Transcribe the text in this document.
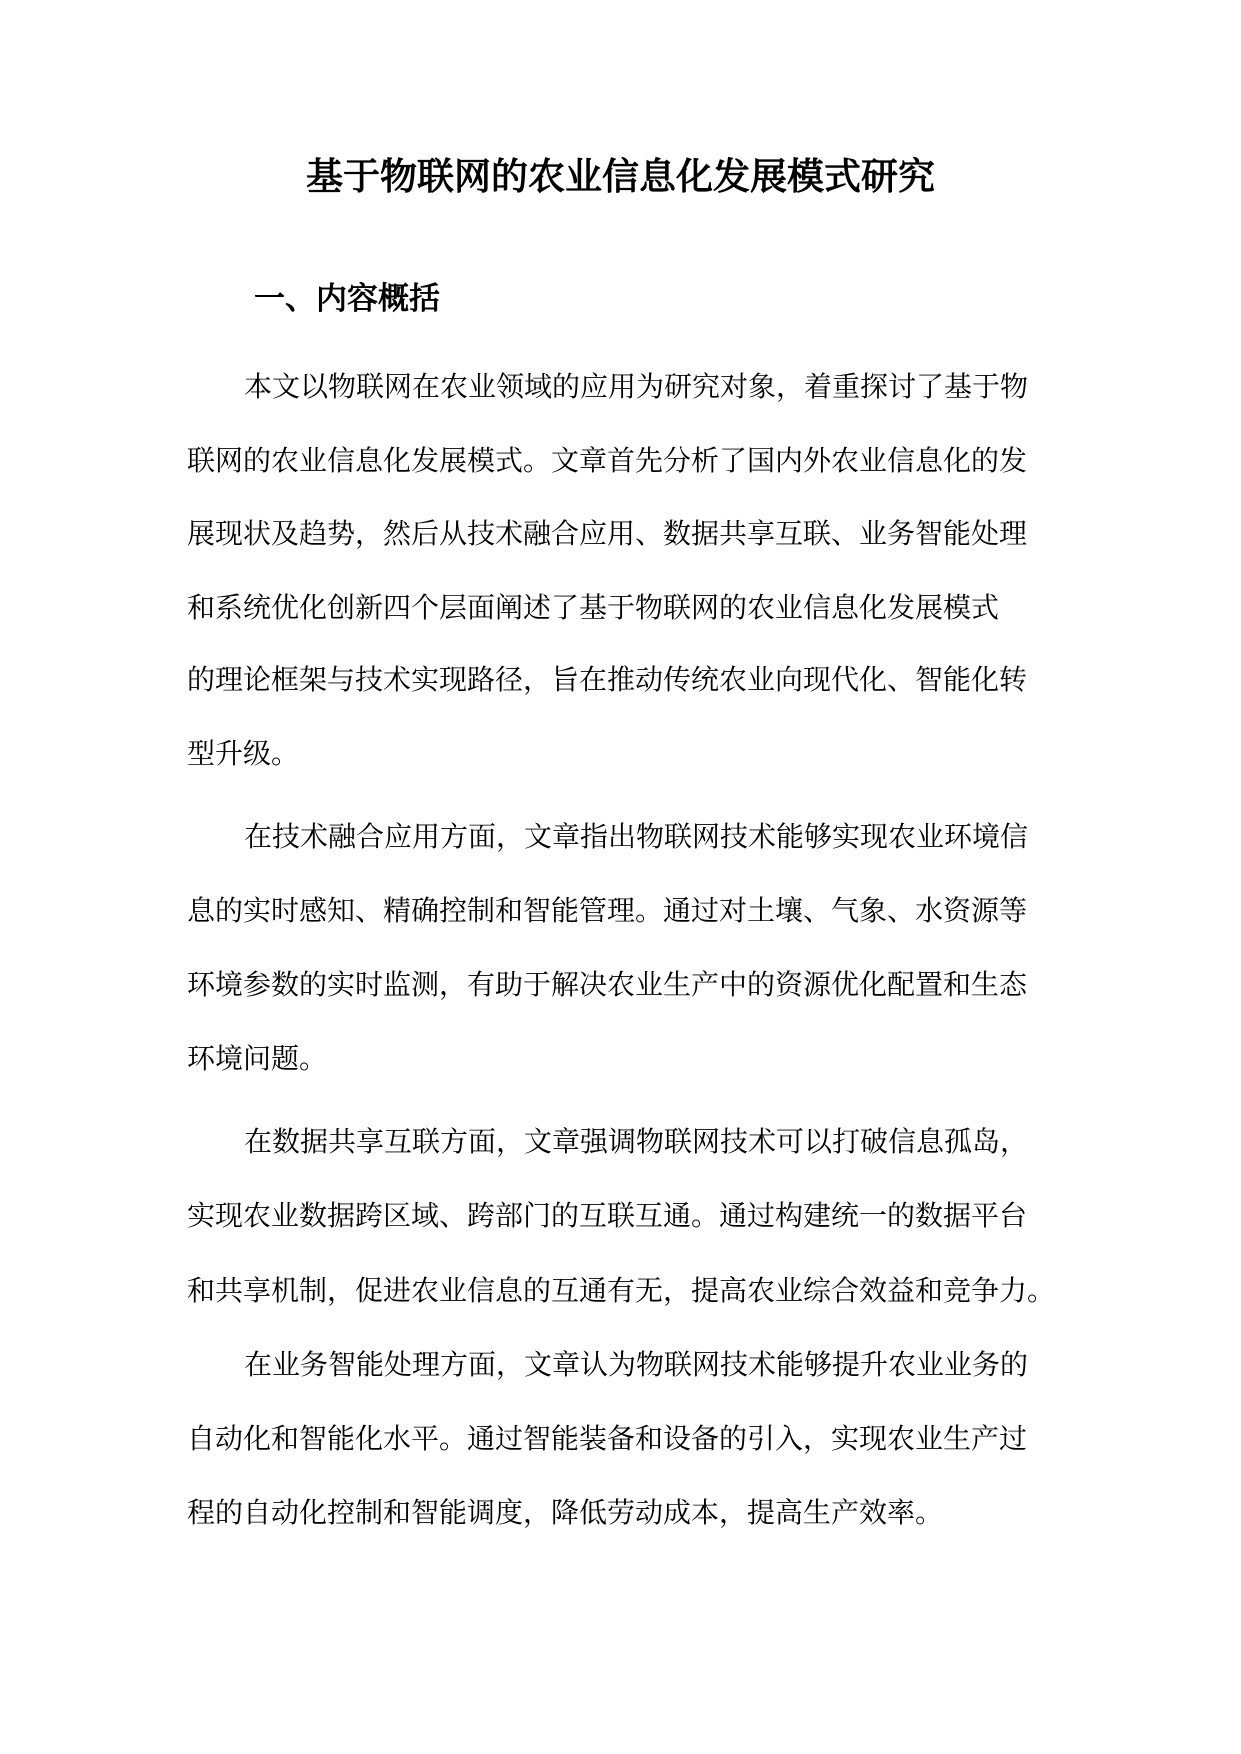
基于物联网的农业信息化发展模式研究
一、内容概括
本文以物联网在农业领域的应用为研究对象，着重探讨了基于物
联网的农业信息化发展模式。文章首先分析了国内外农业信息化的发
展现状及趋势，然后从技术融合应用、数据共享互联、业务智能处理
和系统优化创新四个层面阐述了基于物联网的农业信息化发展模式
的理论框架与技术实现路径，旨在推动传统农业向现代化、智能化转
型升级。
在技术融合应用方面，文章指出物联网技术能够实现农业环境信
息的实时感知、精确控制和智能管理。通过对土壤、气象、水资源等
环境参数的实时监测，有助于解决农业生产中的资源优化配置和生态
环境问题。
在数据共享互联方面，文章强调物联网技术可以打破信息孤岛，
实现农业数据跨区域、跨部门的互联互通。通过构建统一的数据平台
和共享机制，促进农业信息的互通有无，提高农业综合效益和竞争力。
在业务智能处理方面，文章认为物联网技术能够提升农业业务的
自动化和智能化水平。通过智能装备和设备的引入，实现农业生产过
程的自动化控制和智能调度，降低劳动成本，提高生产效率。
